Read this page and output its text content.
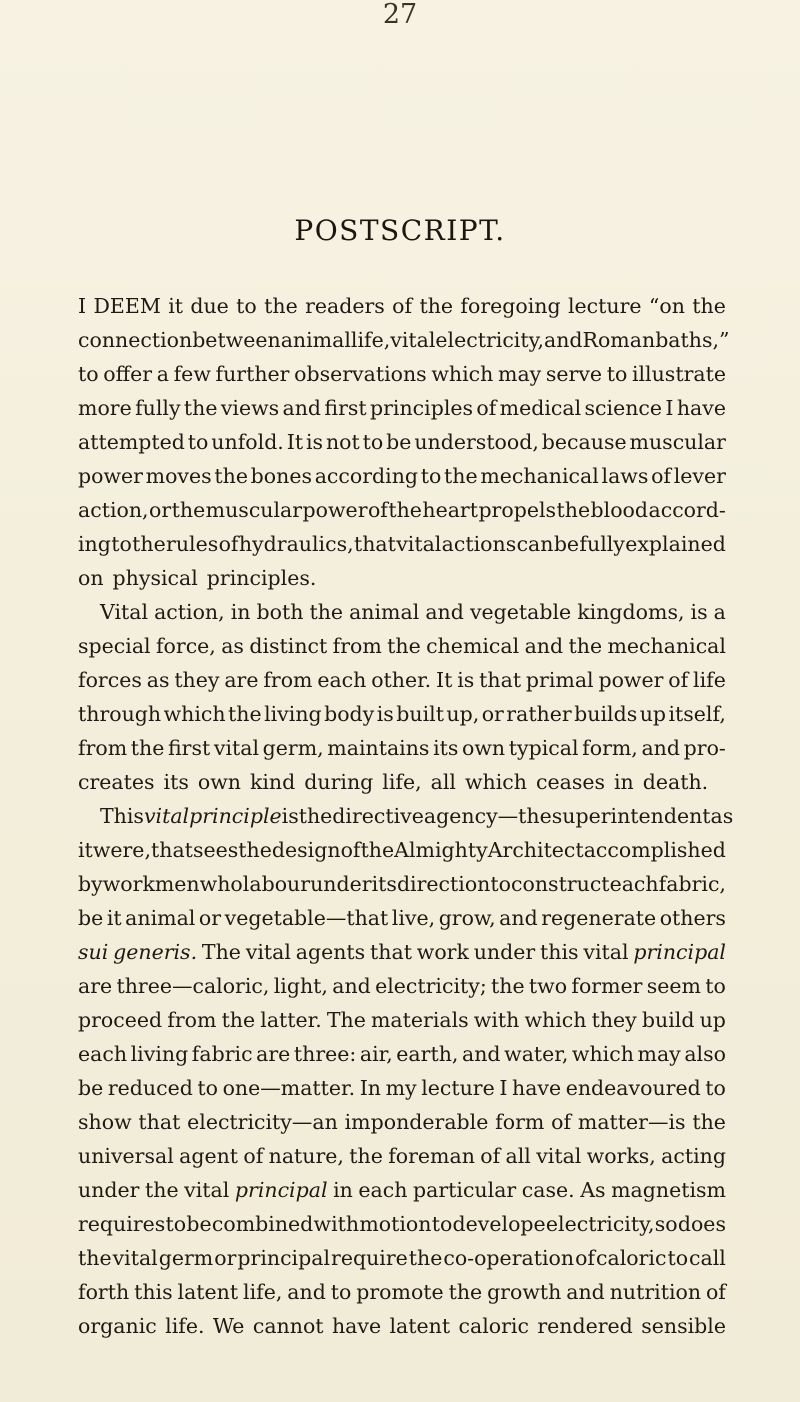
27
POSTSCRIPT.
I DEEM it due to the readers of the foregoing lecture “on the
connection between animal life, vital electricity, and Roman baths,”
to offer a few further observations which may serve to illustrate
more fully the views and first principles of medical science I have
attempted to unfold. It is not to be understood, because muscular
power moves the bones according to the mechanical laws of lever
action, or the muscular power of the heart propels the blood accord-
ing to the rules of hydraulics, that vital actions can be fully explained
on physical principles.
Vital action, in both the animal and vegetable kingdoms, is a
special force, as distinct from the chemical and the mechanical
forces as they are from each other. It is that primal power of life
through which the living body is built up, or rather builds up itself,
from the first vital germ, maintains its own typical form, and pro-
creates its own kind during life, all which ceases in death.
This vital principle is the directive agency—the superintendent as
it were, that sees the design of the Almighty Architect accomplished
by workmen who labour under its direction to construct each fabric,
be it animal or vegetable—that live, grow, and regenerate others
sui generis. The vital agents that work under this vital principal
are three—caloric, light, and electricity; the two former seem to
proceed from the latter. The materials with which they build up
each living fabric are three: air, earth, and water, which may also
be reduced to one—matter. In my lecture I have endeavoured to
show that electricity—an imponderable form of matter—is the
universal agent of nature, the foreman of all vital works, acting
under the vital principal in each particular case. As magnetism
requires to be combined with motion to develope electricity, so does
the vital germ or principal require the co-operation of caloric to call
forth this latent life, and to promote the growth and nutrition of
organic life. We cannot have latent caloric rendered sensible
